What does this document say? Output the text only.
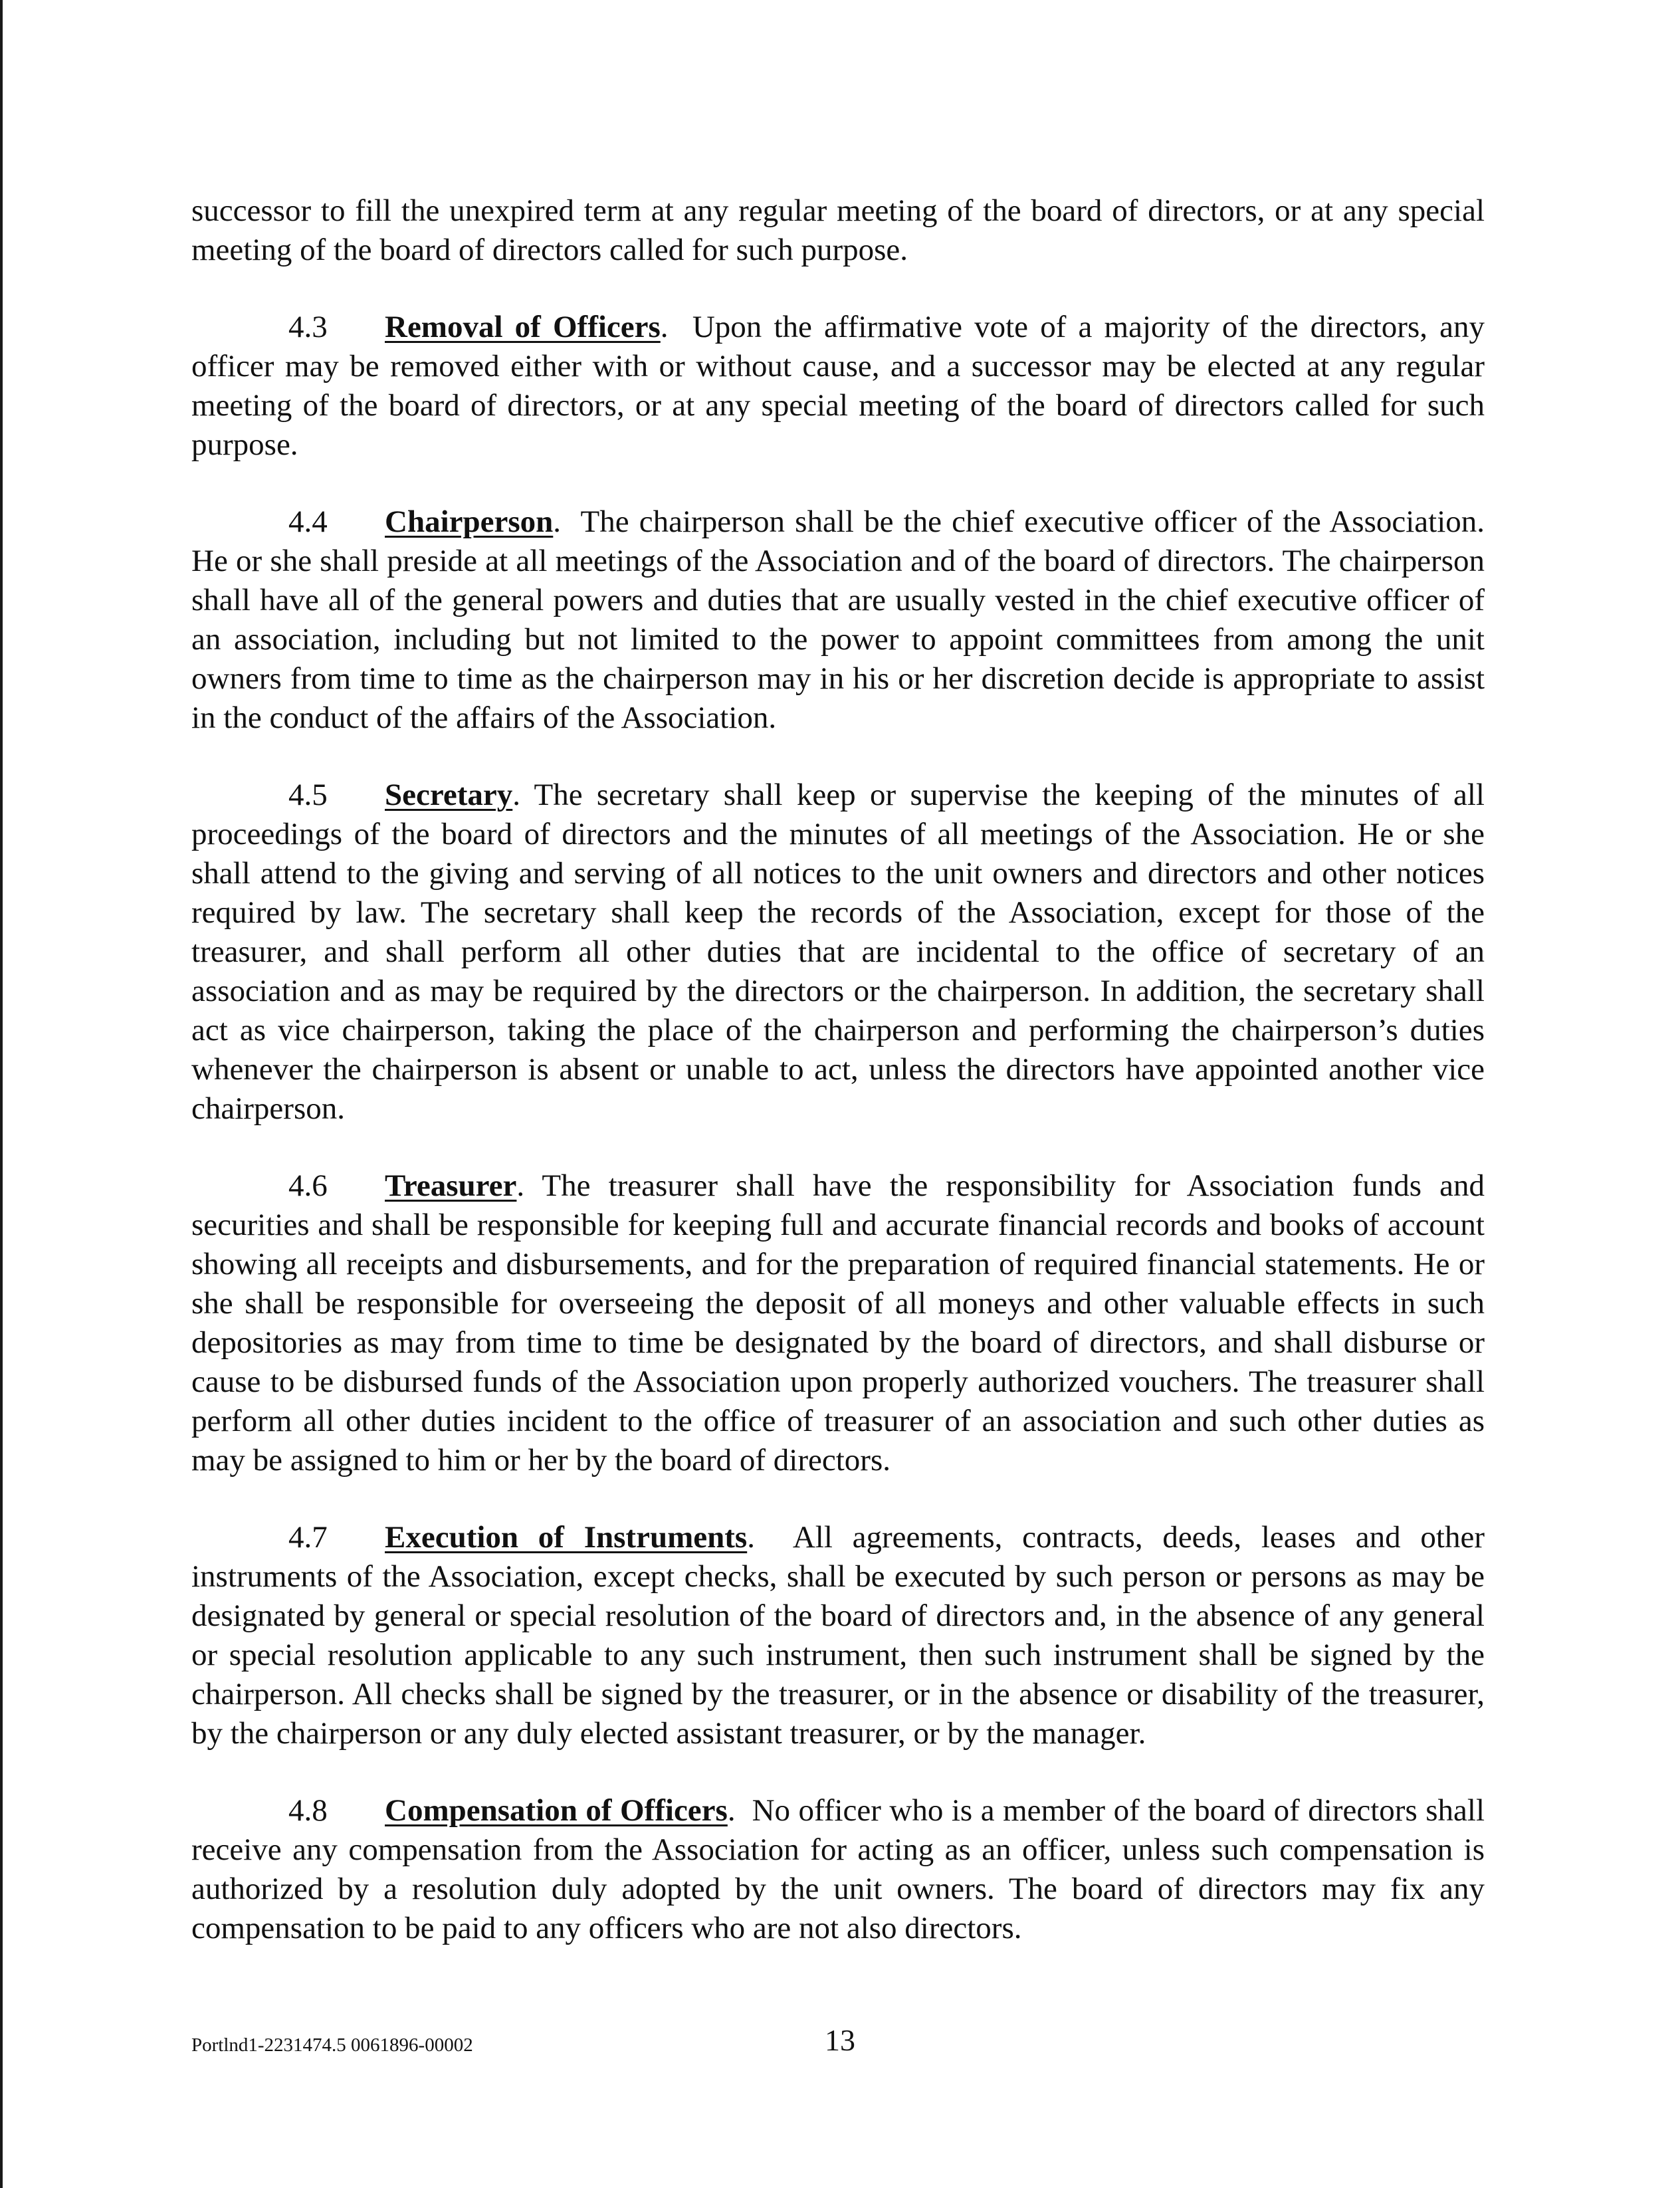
successor to fill the unexpired term at any regular meeting of the board of directors, or at any special meeting of the board of directors called for such purpose.

4.3 Removal of Officers. Upon the affirmative vote of a majority of the directors, any officer may be removed either with or without cause, and a successor may be elected at any regular meeting of the board of directors, or at any special meeting of the board of directors called for such purpose.

4.4 Chairperson. The chairperson shall be the chief executive officer of the Association. He or she shall preside at all meetings of the Association and of the board of directors. The chairperson shall have all of the general powers and duties that are usually vested in the chief executive officer of an association, including but not limited to the power to appoint committees from among the unit owners from time to time as the chairperson may in his or her discretion decide is appropriate to assist in the conduct of the affairs of the Association.

4.5 Secretary. The secretary shall keep or supervise the keeping of the minutes of all proceedings of the board of directors and the minutes of all meetings of the Association. He or she shall attend to the giving and serving of all notices to the unit owners and directors and other notices required by law. The secretary shall keep the records of the Association, except for those of the treasurer, and shall perform all other duties that are incidental to the office of secretary of an association and as may be required by the directors or the chairperson. In addition, the secretary shall act as vice chairperson, taking the place of the chairperson and performing the chairperson’s duties whenever the chairperson is absent or unable to act, unless the directors have appointed another vice chairperson.

4.6 Treasurer. The treasurer shall have the responsibility for Association funds and securities and shall be responsible for keeping full and accurate financial records and books of account showing all receipts and disbursements, and for the preparation of required financial statements. He or she shall be responsible for overseeing the deposit of all moneys and other valuable effects in such depositories as may from time to time be designated by the board of directors, and shall disburse or cause to be disbursed funds of the Association upon properly authorized vouchers. The treasurer shall perform all other duties incident to the office of treasurer of an association and such other duties as may be assigned to him or her by the board of directors.

4.7 Execution of Instruments. All agreements, contracts, deeds, leases and other instruments of the Association, except checks, shall be executed by such person or persons as may be designated by general or special resolution of the board of directors and, in the absence of any general or special resolution applicable to any such instrument, then such instrument shall be signed by the chairperson. All checks shall be signed by the treasurer, or in the absence or disability of the treasurer, by the chairperson or any duly elected assistant treasurer, or by the manager.

4.8 Compensation of Officers. No officer who is a member of the board of directors shall receive any compensation from the Association for acting as an officer, unless such compensation is authorized by a resolution duly adopted by the unit owners. The board of directors may fix any compensation to be paid to any officers who are not also directors.

Portlnd1-2231474.5 0061896-00002	13
